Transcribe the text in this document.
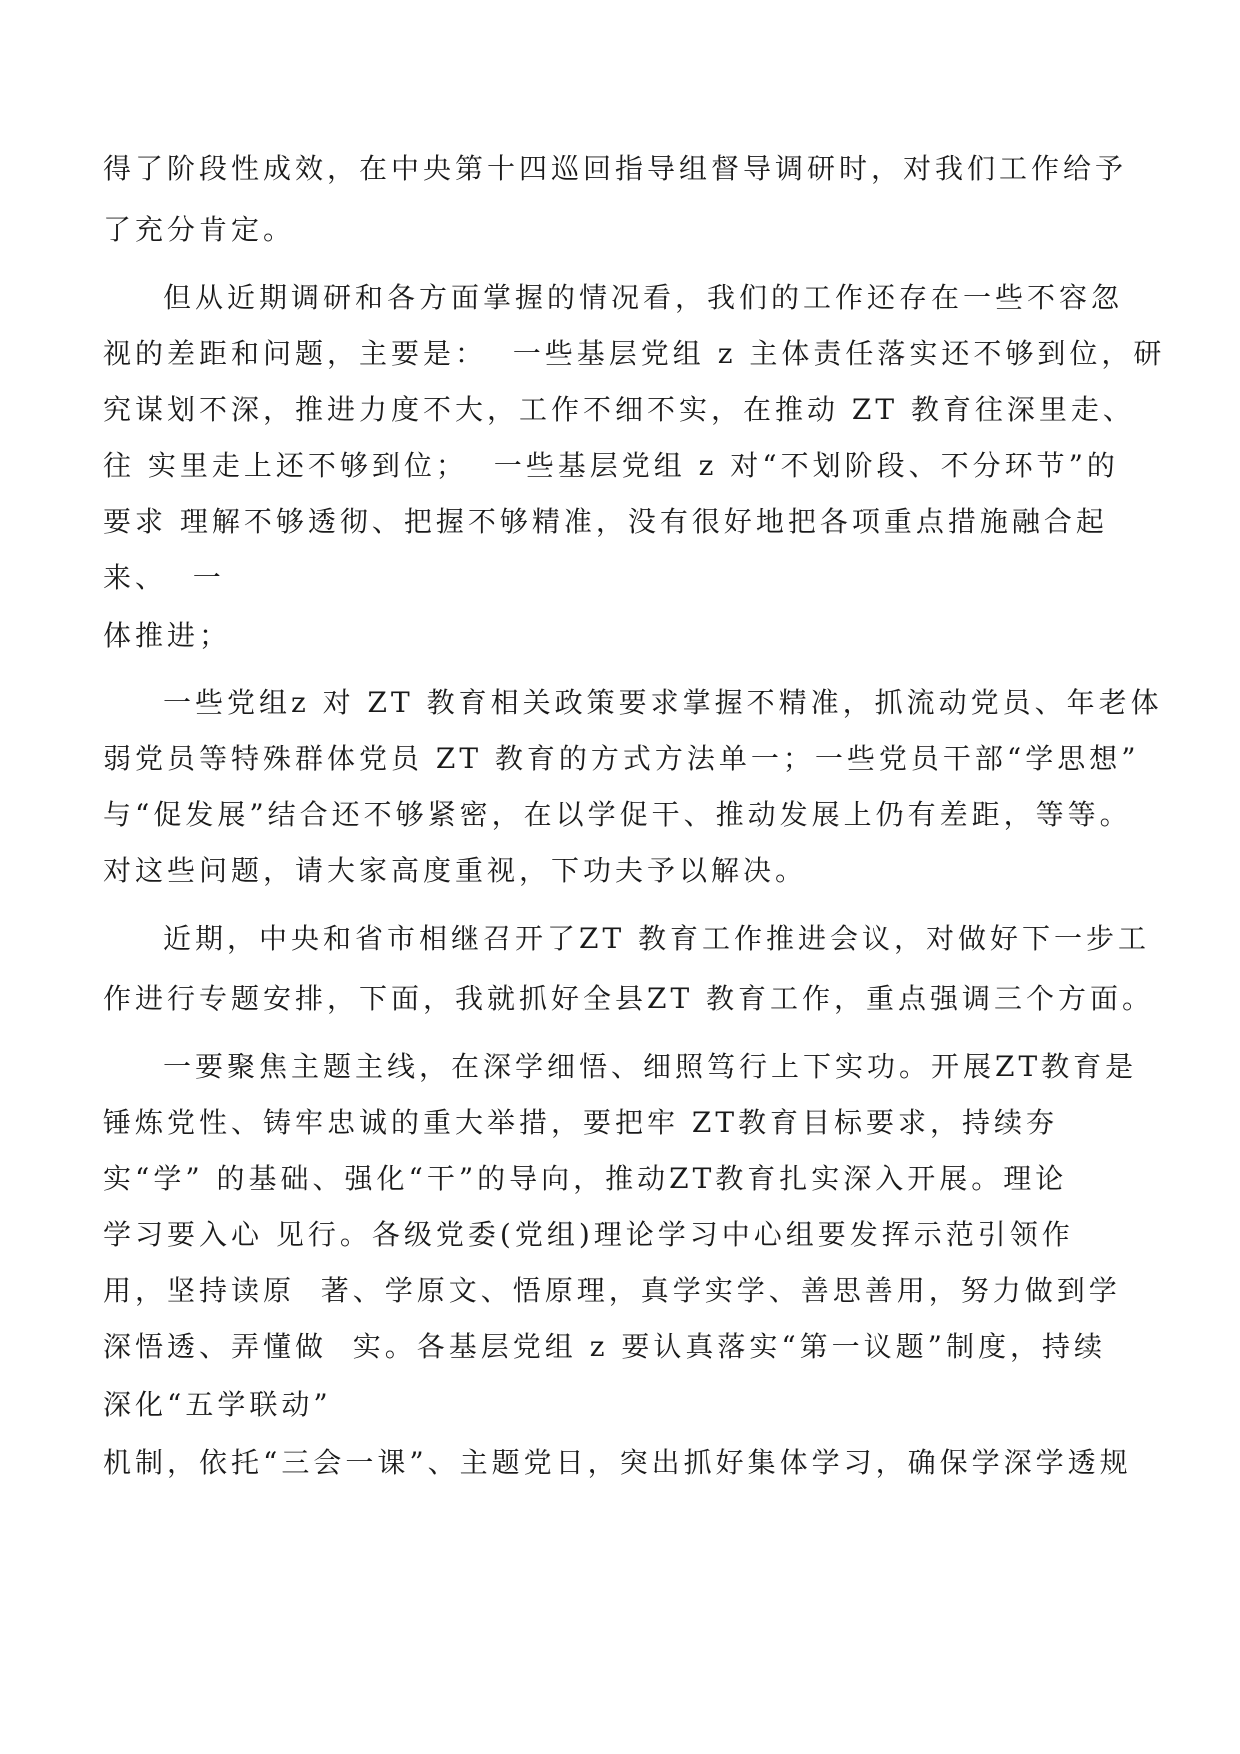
得了阶段性成效，在中央第十四巡回指导组督导调研时，对我们工作给予
了充分肯定。
但从近期调研和各方面掌握的情况看，我们的工作还存在一些不容忽
视的差距和问题，主要是：  一些基层党组 z 主体责任落实还不够到位，研
究谋划不深，推进力度不大，工作不细不实，在推动 ZT 教育往深里走、
往 实里走上还不够到位；  一些基层党组 z 对“不划阶段、不分环节”的
要求 理解不够透彻、把握不够精准，没有很好地把各项重点措施融合起
来、  一
体推进；
一些党组z 对 ZT 教育相关政策要求掌握不精准，抓流动党员、年老体
弱党员等特殊群体党员 ZT 教育的方式方法单一；一些党员干部“学思想”
与“促发展”结合还不够紧密，在以学促干、推动发展上仍有差距，等等。
对这些问题，请大家高度重视，下功夫予以解决。
近期，中央和省市相继召开了ZT 教育工作推进会议，对做好下一步工
作进行专题安排，下面，我就抓好全县ZT 教育工作，重点强调三个方面。
一要聚焦主题主线，在深学细悟、细照笃行上下实功。开展ZT教育是
锤炼党性、铸牢忠诚的重大举措，要把牢 ZT教育目标要求，持续夯
实“学” 的基础、强化“干”的导向，推动ZT教育扎实深入开展。理论
学习要入心 见行。各级党委(党组)理论学习中心组要发挥示范引领作
用，坚持读原  著、学原文、悟原理，真学实学、善思善用，努力做到学
深悟透、弄懂做  实。各基层党组 z 要认真落实“第一议题”制度，持续
深化“五学联动”
机制，依托“三会一课”、主题党日，突出抓好集体学习，确保学深学透规
